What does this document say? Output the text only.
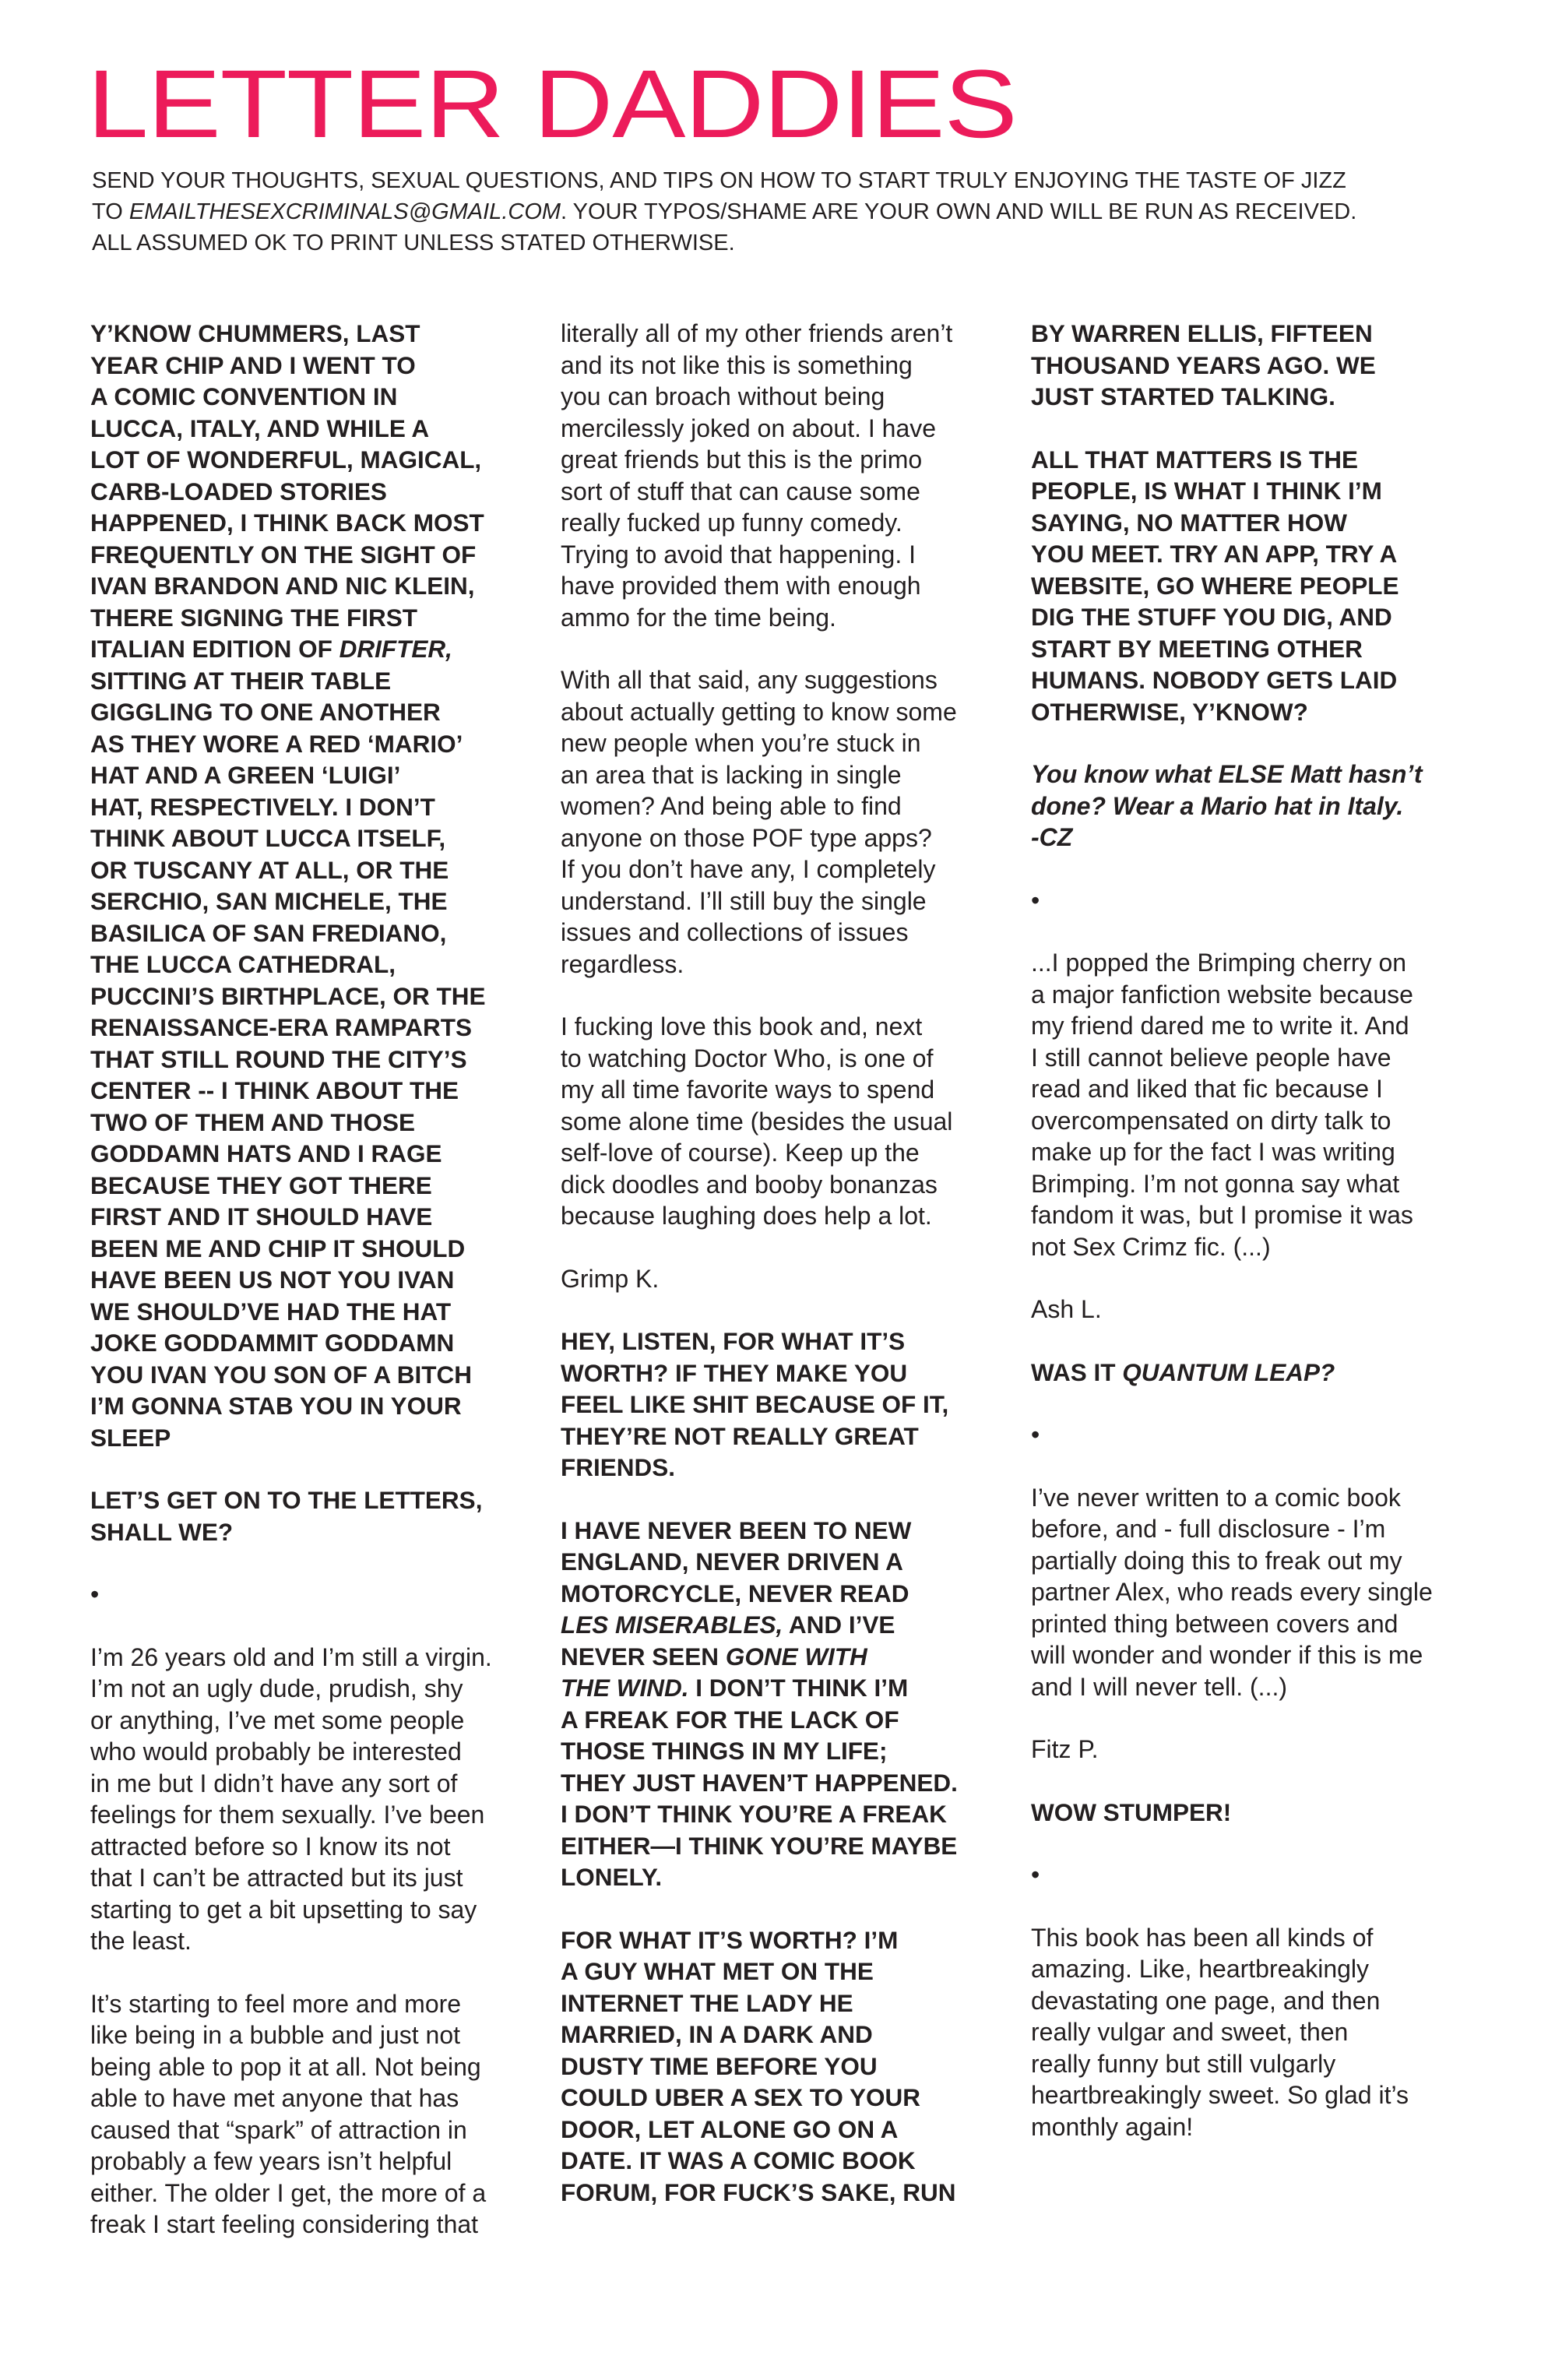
LETTER DADDIES

SEND YOUR THOUGHTS, SEXUAL QUESTIONS, AND TIPS ON HOW TO START TRULY ENJOYING THE TASTE OF JIZZ
TO EMAILTHESEXCRIMINALS@GMAIL.COM. YOUR TYPOS/SHAME ARE YOUR OWN AND WILL BE RUN AS RECEIVED.
ALL ASSUMED OK TO PRINT UNLESS STATED OTHERWISE.

Y’KNOW CHUMMERS, LAST
YEAR CHIP AND I WENT TO
A COMIC CONVENTION IN
LUCCA, ITALY, AND WHILE A
LOT OF WONDERFUL, MAGICAL,
CARB-LOADED STORIES
HAPPENED, I THINK BACK MOST
FREQUENTLY ON THE SIGHT OF
IVAN BRANDON AND NIC KLEIN,
THERE SIGNING THE FIRST
ITALIAN EDITION OF DRIFTER,
SITTING AT THEIR TABLE
GIGGLING TO ONE ANOTHER
AS THEY WORE A RED ‘MARIO’
HAT AND A GREEN ‘LUIGI’
HAT, RESPECTIVELY. I DON’T
THINK ABOUT LUCCA ITSELF,
OR TUSCANY AT ALL, OR THE
SERCHIO, SAN MICHELE, THE
BASILICA OF SAN FREDIANO,
THE LUCCA CATHEDRAL,
PUCCINI’S BIRTHPLACE, OR THE
RENAISSANCE-ERA RAMPARTS
THAT STILL ROUND THE CITY’S
CENTER -- I THINK ABOUT THE
TWO OF THEM AND THOSE
GODDAMN HATS AND I RAGE
BECAUSE THEY GOT THERE
FIRST AND IT SHOULD HAVE
BEEN ME AND CHIP IT SHOULD
HAVE BEEN US NOT YOU IVAN
WE SHOULD’VE HAD THE HAT
JOKE GODDAMMIT GODDAMN
YOU IVAN YOU SON OF A BITCH
I’M GONNA STAB YOU IN YOUR
SLEEP

LET’S GET ON TO THE LETTERS,
SHALL WE?

•

I’m 26 years old and I’m still a virgin.
I’m not an ugly dude, prudish, shy
or anything, I’ve met some people
who would probably be interested
in me but I didn’t have any sort of
feelings for them sexually. I’ve been
attracted before so I know its not
that I can’t be attracted but its just
starting to get a bit upsetting to say
the least.

It’s starting to feel more and more
like being in a bubble and just not
being able to pop it at all. Not being
able to have met anyone that has
caused that “spark” of attraction in
probably a few years isn’t helpful
either. The older I get, the more of a
freak I start feeling considering that

literally all of my other friends aren’t
and its not like this is something
you can broach without being
mercilessly joked on about. I have
great friends but this is the primo
sort of stuff that can cause some
really fucked up funny comedy.
Trying to avoid that happening. I
have provided them with enough
ammo for the time being.

With all that said, any suggestions
about actually getting to know some
new people when you’re stuck in
an area that is lacking in single
women? And being able to find
anyone on those POF type apps?
If you don’t have any, I completely
understand. I’ll still buy the single
issues and collections of issues
regardless.

I fucking love this book and, next
to watching Doctor Who, is one of
my all time favorite ways to spend
some alone time (besides the usual
self-love of course). Keep up the
dick doodles and booby bonanzas
because laughing does help a lot.

Grimp K.

HEY, LISTEN, FOR WHAT IT’S
WORTH? IF THEY MAKE YOU
FEEL LIKE SHIT BECAUSE OF IT,
THEY’RE NOT REALLY GREAT
FRIENDS.

I HAVE NEVER BEEN TO NEW
ENGLAND, NEVER DRIVEN A
MOTORCYCLE, NEVER READ
LES MISERABLES, AND I’VE
NEVER SEEN GONE WITH
THE WIND. I DON’T THINK I’M
A FREAK FOR THE LACK OF
THOSE THINGS IN MY LIFE;
THEY JUST HAVEN’T HAPPENED.
I DON’T THINK YOU’RE A FREAK
EITHER—I THINK YOU’RE MAYBE
LONELY.

FOR WHAT IT’S WORTH? I’M
A GUY WHAT MET ON THE
INTERNET THE LADY HE
MARRIED, IN A DARK AND
DUSTY TIME BEFORE YOU
COULD UBER A SEX TO YOUR
DOOR, LET ALONE GO ON A
DATE. IT WAS A COMIC BOOK
FORUM, FOR FUCK’S SAKE, RUN

BY WARREN ELLIS, FIFTEEN
THOUSAND YEARS AGO. WE
JUST STARTED TALKING.

ALL THAT MATTERS IS THE
PEOPLE, IS WHAT I THINK I’M
SAYING, NO MATTER HOW
YOU MEET. TRY AN APP, TRY A
WEBSITE, GO WHERE PEOPLE
DIG THE STUFF YOU DIG, AND
START BY MEETING OTHER
HUMANS. NOBODY GETS LAID
OTHERWISE, Y’KNOW?

You know what ELSE Matt hasn’t
done? Wear a Mario hat in Italy.
-CZ

•

...I popped the Brimping cherry on
a major fanfiction website because
my friend dared me to write it. And
I still cannot believe people have
read and liked that fic because I
overcompensated on dirty talk to
make up for the fact I was writing
Brimping. I’m not gonna say what
fandom it was, but I promise it was
not Sex Crimz fic. (...)

Ash L.

WAS IT QUANTUM LEAP?

•

I’ve never written to a comic book
before, and - full disclosure - I’m
partially doing this to freak out my
partner Alex, who reads every single
printed thing between covers and
will wonder and wonder if this is me
and I will never tell. (...)

Fitz P.

WOW STUMPER!

•

This book has been all kinds of
amazing. Like, heartbreakingly
devastating one page, and then
really vulgar and sweet, then
really funny but still vulgarly
heartbreakingly sweet. So glad it’s
monthly again!
